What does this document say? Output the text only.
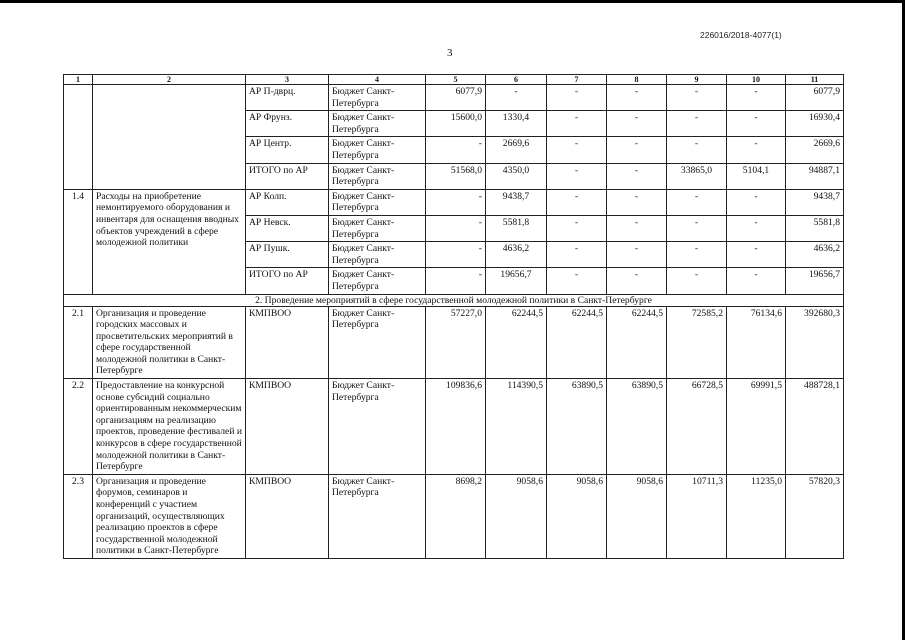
226016/2018-4077(1)
3
1	2	3	4	5	6	7	8	9	10	11
		АР П-дврц.	Бюджет Санкт-Петербурга	6077,9	-	-	-	-	-	6077,9
		АР Фрунз.	Бюджет Санкт-Петербурга	15600,0	1330,4	-	-	-	-	16930,4
		АР Центр.	Бюджет Санкт-Петербурга	-	2669,6	-	-	-	-	2669,6
		ИТОГО по АР	Бюджет Санкт-Петербурга	51568,0	4350,0	-	-	33865,0	5104,1	94887,1
1.4	Расходы на приобретение немонтируемого оборудования и инвентаря для оснащения вводных объектов учреждений в сфере молодежной политики	АР Колп.	Бюджет Санкт-Петербурга	-	9438,7	-	-	-	-	9438,7
		АР Невск.	Бюджет Санкт-Петербурга	-	5581,8	-	-	-	-	5581,8
		АР Пушк.	Бюджет Санкт-Петербурга	-	4636,2	-	-	-	-	4636,2
		ИТОГО по АР	Бюджет Санкт-Петербурга	-	19656,7	-	-	-	-	19656,7
2. Проведение мероприятий в сфере государственной молодежной политики в Санкт-Петербурге										
2.1	Организация и проведение городских массовых и просветительских мероприятий в сфере государственной молодежной политики в Санкт-Петербурге	КМПВОО	Бюджет Санкт-Петербурга	57227,0	62244,5	62244,5	62244,5	72585,2	76134,6	392680,3
2.2	Предоставление на конкурсной основе субсидий социально ориентированным некоммерческим организациям на реализацию проектов, проведение фестивалей и конкурсов в сфере государственной молодежной политики в Санкт-Петербурге	КМПВОО	Бюджет Санкт-Петербурга	109836,6	114390,5	63890,5	63890,5	66728,5	69991,5	488728,1
2.3	Организация и проведение форумов, семинаров и конференций с участием организаций, осуществляющих реализацию проектов в сфере государственной молодежной политики в Санкт-Петербурге	КМПВОО	Бюджет Санкт-Петербурга	8698,2	9058,6	9058,6	9058,6	10711,3	11235,0	57820,3
